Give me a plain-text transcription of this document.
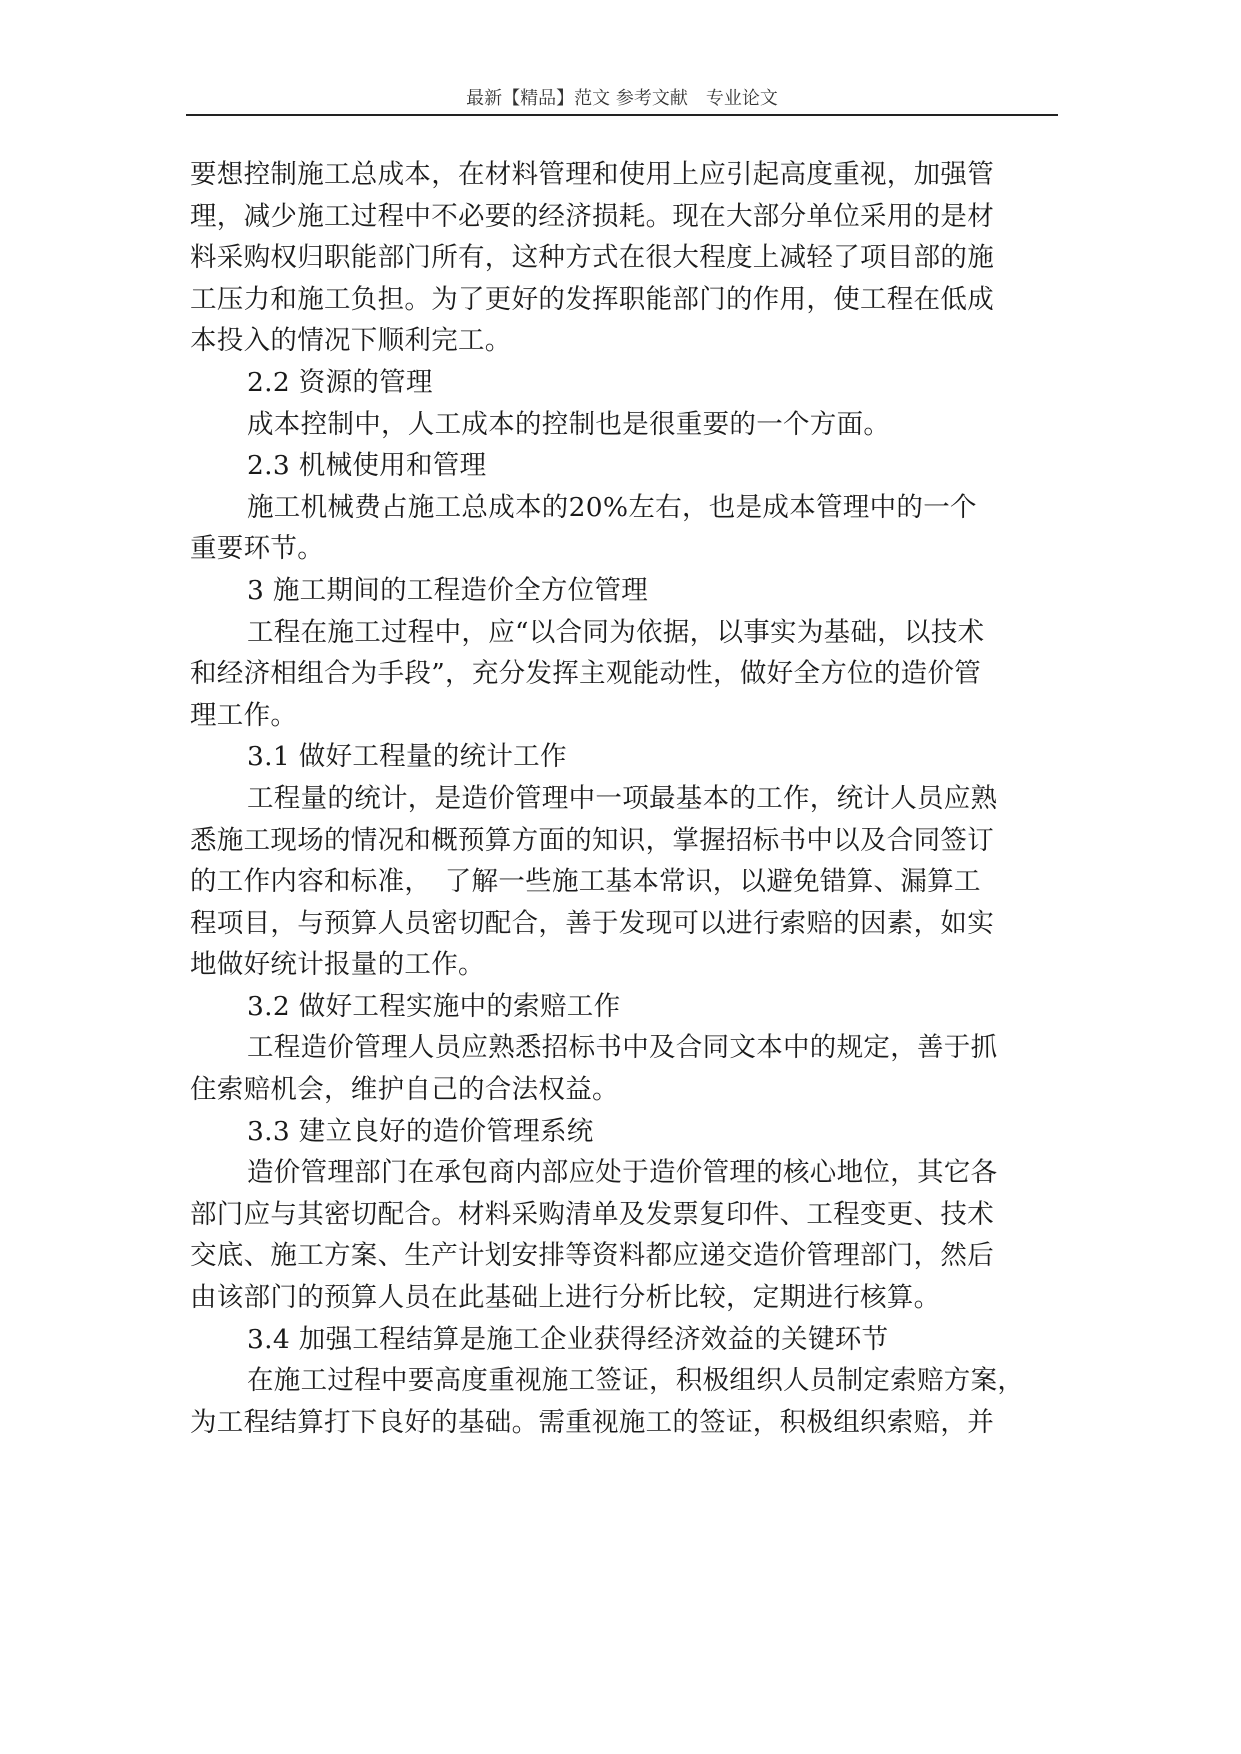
最新【精品】范文 参考文献　专业论文

要想控制施工总成本，在材料管理和使用上应引起高度重视，加强管
理，减少施工过程中不必要的经济损耗。现在大部分单位采用的是材
料采购权归职能部门所有，这种方式在很大程度上减轻了项目部的施
工压力和施工负担。为了更好的发挥职能部门的作用，使工程在低成
本投入的情况下顺利完工。

2.2 资源的管理

成本控制中，人工成本的控制也是很重要的一个方面。

2.3 机械使用和管理

施工机械费占施工总成本的20%左右，也是成本管理中的一个
重要环节。

3 施工期间的工程造价全方位管理

工程在施工过程中，应“以合同为依据，以事实为基础，以技术
和经济相组合为手段”，充分发挥主观能动性，做好全方位的造价管
理工作。

3.1 做好工程量的统计工作

工程量的统计，是造价管理中一项最基本的工作，统计人员应熟
悉施工现场的情况和概预算方面的知识，掌握招标书中以及合同签订
的工作内容和标准，　了解一些施工基本常识，以避免错算、漏算工
程项目，与预算人员密切配合，善于发现可以进行索赔的因素，如实
地做好统计报量的工作。

3.2 做好工程实施中的索赔工作

工程造价管理人员应熟悉招标书中及合同文本中的规定，善于抓
住索赔机会，维护自己的合法权益。

3.3 建立良好的造价管理系统

造价管理部门在承包商内部应处于造价管理的核心地位，其它各
部门应与其密切配合。材料采购清单及发票复印件、工程变更、技术
交底、施工方案、生产计划安排等资料都应递交造价管理部门，然后
由该部门的预算人员在此基础上进行分析比较，定期进行核算。

3.4 加强工程结算是施工企业获得经济效益的关键环节

在施工过程中要高度重视施工签证，积极组织人员制定索赔方案，
为工程结算打下良好的基础。需重视施工的签证，积极组织索赔，并
